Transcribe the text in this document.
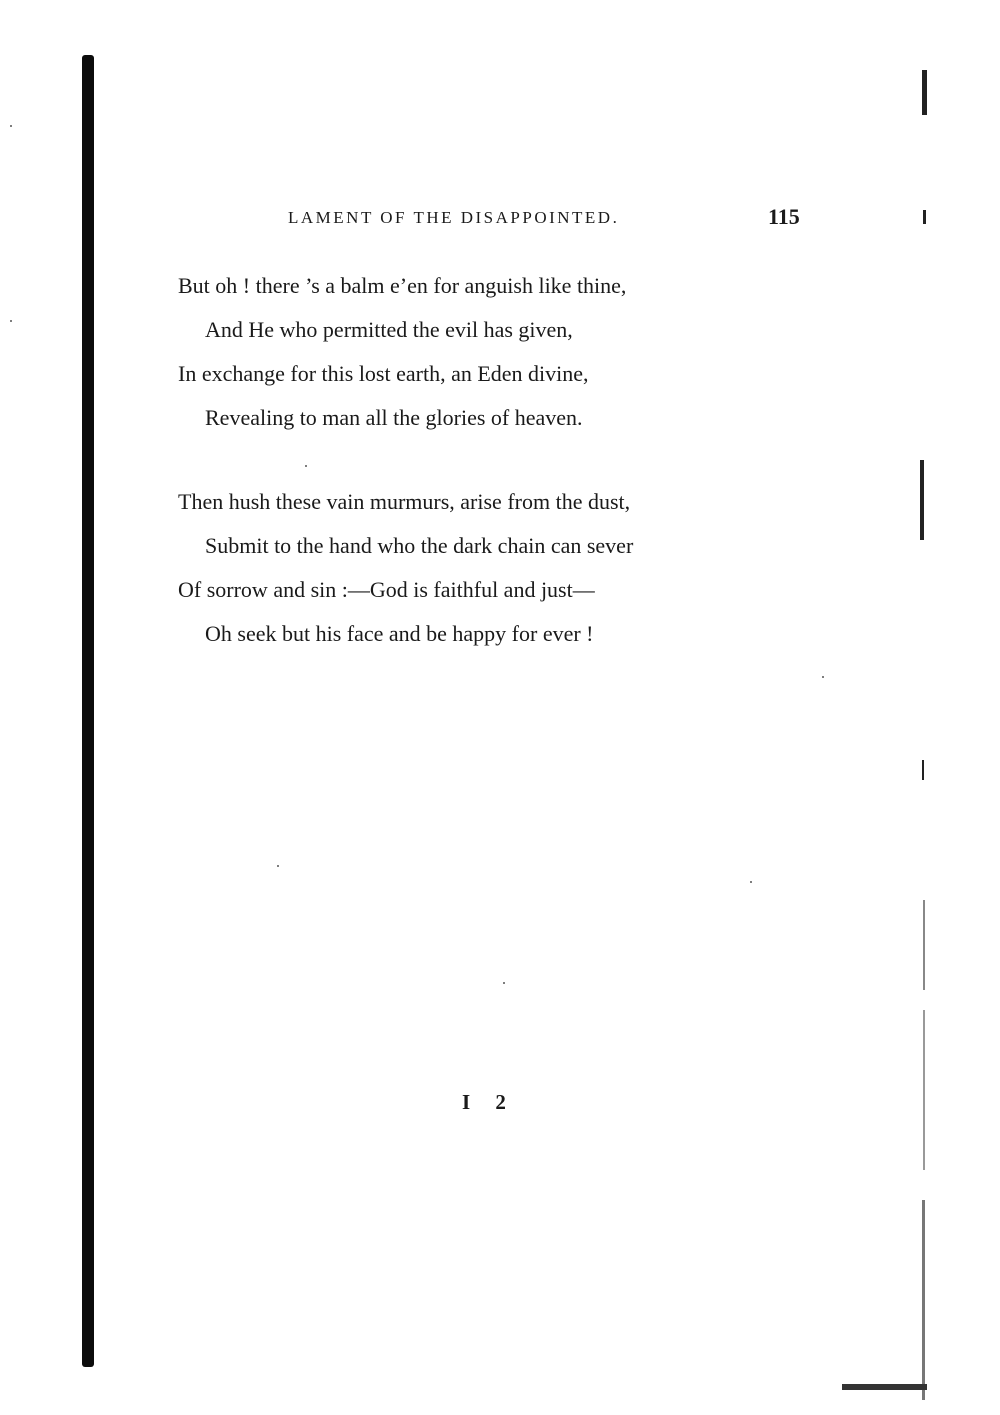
LAMENT OF THE DISAPPOINTED.	115
But oh ! there ’s a balm e’en for anguish like thine,
And He who permitted the evil has given,
In exchange for this lost earth, an Eden divine,
Revealing to man all the glories of heaven.
Then hush these vain murmurs, arise from the dust,
Submit to the hand who the dark chain can sever
Of sorrow and sin :—God is faithful and just—
Oh seek but his face and be happy for ever !
I 2
